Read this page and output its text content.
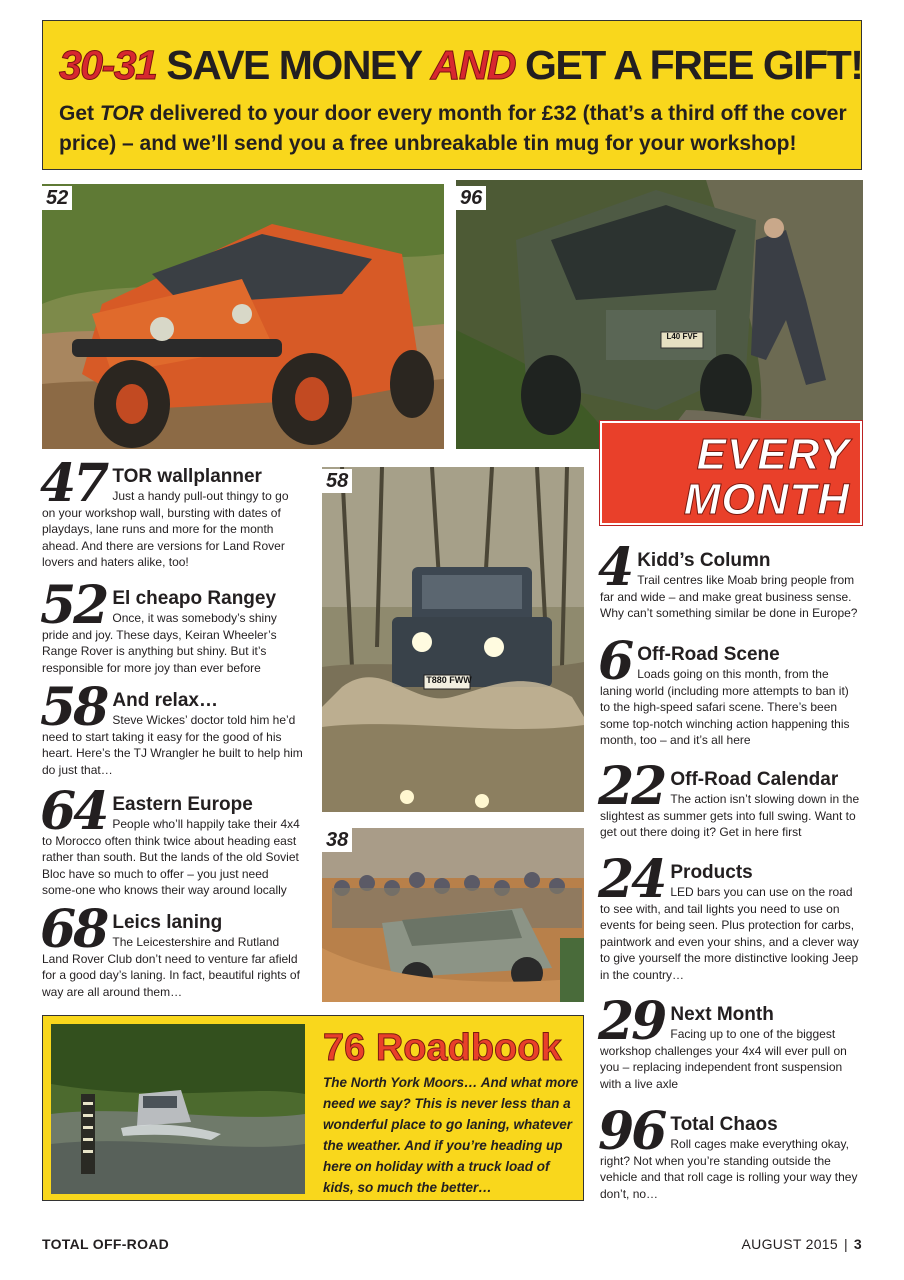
30-31 SAVE MONEY AND GET A FREE GIFT!
Get TOR delivered to your door every month for £32 (that’s a third off the cover price) – and we’ll send you a free unbreakable tin mug for your workshop!
52	96
EVERY
MONTH
58
38
47 TOR wallplanner
Just a handy pull-out thingy to go on your workshop wall, bursting with dates of playdays, lane runs and more for the month ahead. And there are versions for Land Rover lovers and haters alike, too!
52 El cheapo Rangey
Once, it was somebody’s shiny pride and joy. These days, Keiran Wheeler’s Range Rover is anything but shiny. But it’s responsible for more joy than ever before
58 And relax…
Steve Wickes’ doctor told him he’d need to start taking it easy for the good of his heart. Here’s the TJ Wrangler he built to help him do just that…
64 Eastern Europe
People who’ll happily take their 4x4 to Morocco often think twice about heading east rather than south. But the lands of the old Soviet Bloc have so much to offer – you just need some-one who knows their way around locally
68 Leics laning
The Leicestershire and Rutland Land Rover Club don’t need to venture far afield for a good day’s laning. In fact, beautiful rights of way are all around them…
4 Kidd’s Column
Trail centres like Moab bring people from far and wide – and make great business sense. Why can’t something similar be done in Europe?
6 Off-Road Scene
Loads going on this month, from the laning world (including more attempts to ban it) to the high-speed safari scene. There’s been some top-notch winching action happening this month, too – and it’s all here
22 Off-Road Calendar
The action isn’t slowing down in the slightest as summer gets into full swing. Want to get out there doing it? Get in here first
24 Products
LED bars you can use on the road to see with, and tail lights you need to use on events for being seen. Plus protection for carbs, paintwork and even your shins, and a clever way to give yourself the more distinctive looking Jeep in the country…
29 Next Month
Facing up to one of the biggest workshop challenges your 4x4 will ever pull on you – replacing independent front suspension with a live axle
96 Total Chaos
Roll cages make everything okay, right? Not when you’re standing outside the vehicle and that roll cage is rolling your way they don’t, no…
76 Roadbook
The North York Moors… And what more need we say? This is never less than a wonderful place to go laning, whatever the weather. And if you’re heading up here on holiday with a truck load of kids, so much the better…
TOTAL OFF-ROAD	AUGUST 2015 | 3
T880 FWW
L40 FVF
